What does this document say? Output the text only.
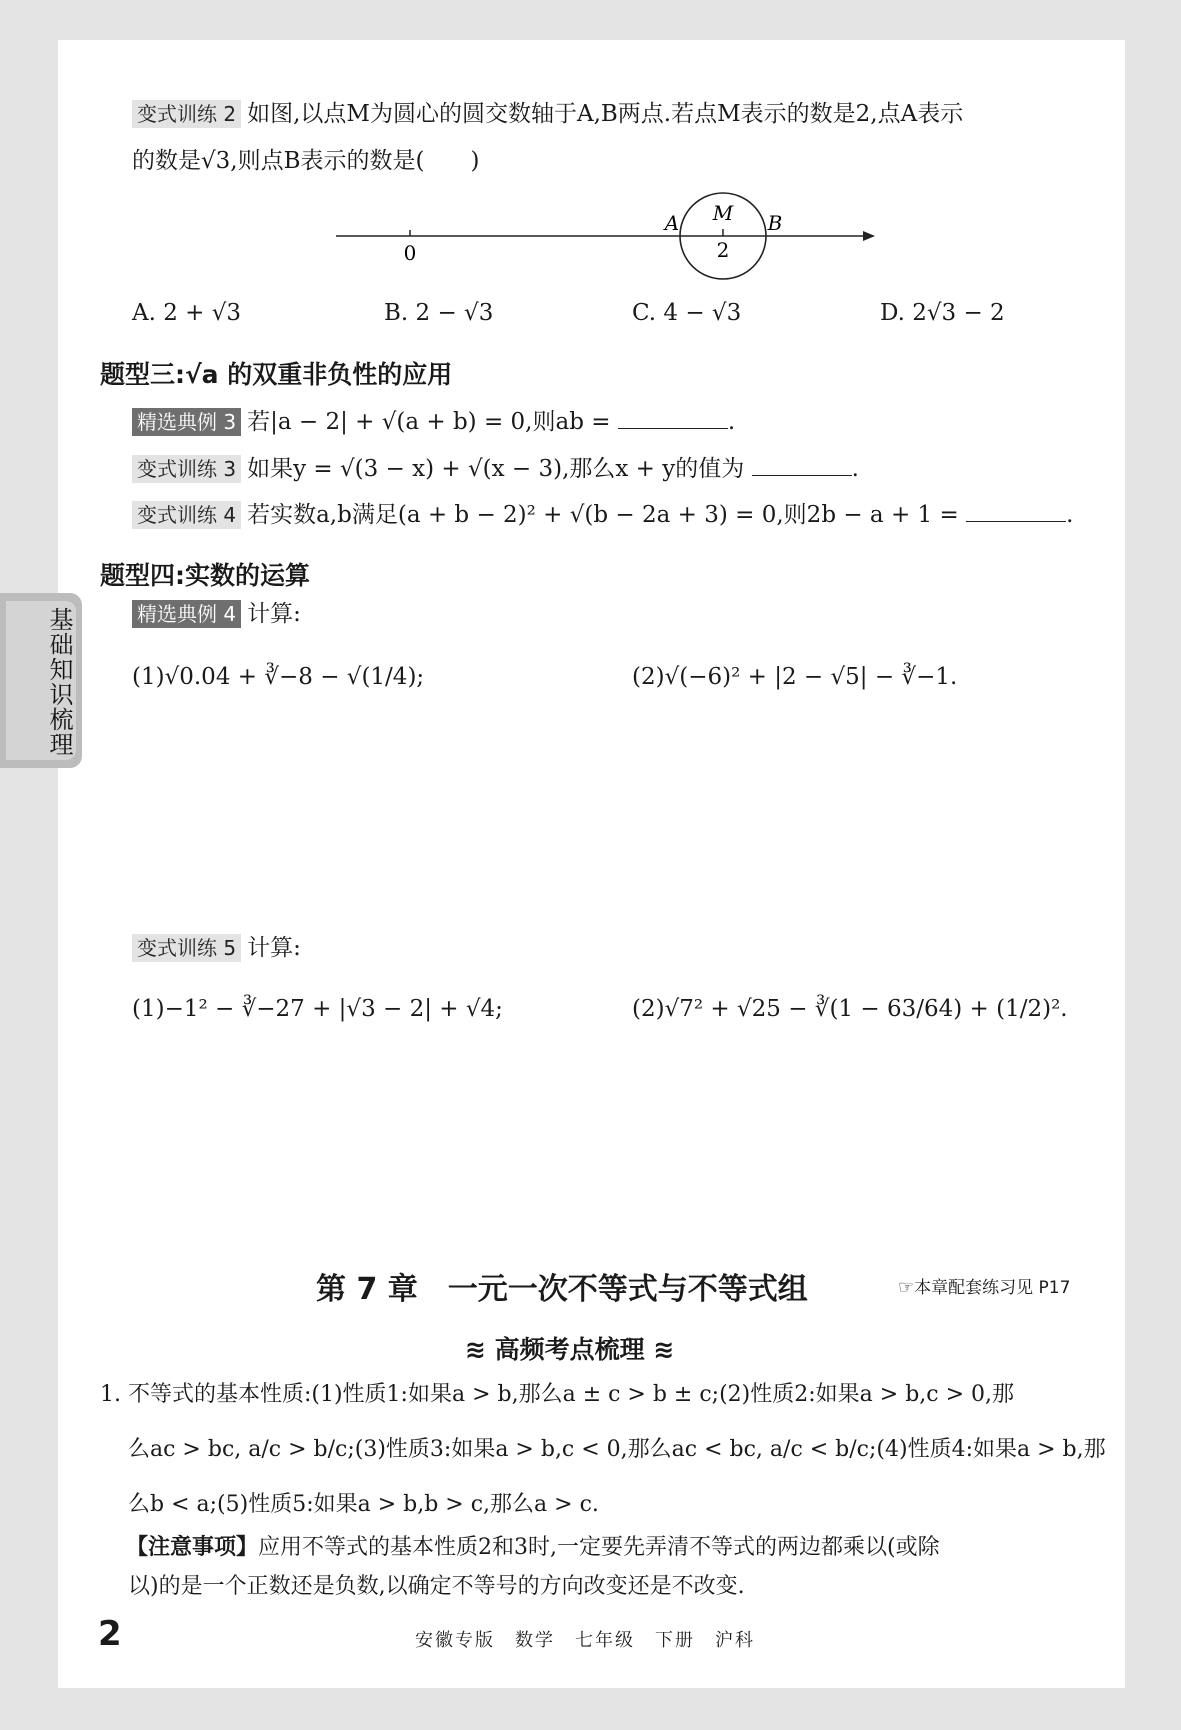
基础知识梳理
变式训练 2 如图,以点M为圆心的圆交数轴于A,B两点.若点M表示的数是2,点A表示
的数是√3,则点B表示的数是(　　)
0
A M B
2
A. 2 + √3	B. 2 − √3	C. 4 − √3	D. 2√3 − 2
题型三:√a 的双重非负性的应用
精选典例 3 若|a − 2| + √(a + b) = 0,则ab =	.
变式训练 3 如果y = √(3 − x) + √(x − 3),那么x + y的值为	.
变式训练 4 若实数a,b满足(a + b − 2)² + √(b − 2a + 3) = 0,则2b − a + 1 =	.
题型四:实数的运算
精选典例 4 计算:
(1)√0.04 + ∛−8 − √(1/4);	(2)√(−6)² + |2 − √5| − ∛−1.
变式训练 5 计算:
(1)−1² − ∛−27 + |√3 − 2| + √4;	(2)√7² + √25 − ∛(1 − 63/64) + (1/2)².
第 7 章　一元一次不等式与不等式组	☞本章配套练习见 P17
≋ 高频考点梳理 ≋
1. 不等式的基本性质:(1)性质1:如果a > b,那么a ± c > b ± c;(2)性质2:如果a > b,c > 0,那
么ac > bc, a/c > b/c;(3)性质3:如果a > b,c < 0,那么ac < bc, a/c < b/c;(4)性质4:如果a > b,那
么b < a;(5)性质5:如果a > b,b > c,那么a > c.
【注意事项】应用不等式的基本性质2和3时,一定要先弄清不等式的两边都乘以(或除
以)的是一个正数还是负数,以确定不等号的方向改变还是不改变.
2	安徽专版　数学　七年级　下册　沪科
